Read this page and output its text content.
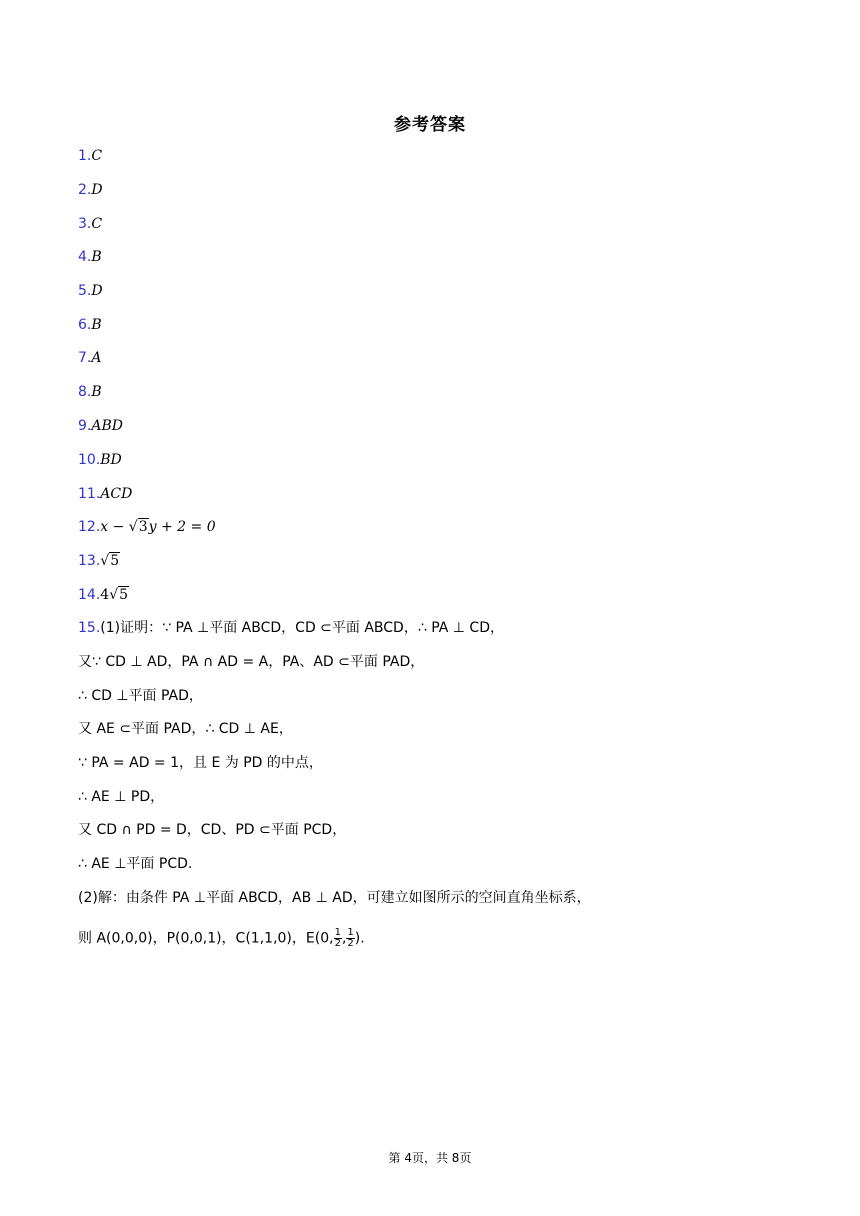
参考答案
1.C
2.D
3.C
4.B
5.D
6.B
7.A
8.B
9.ABD
10.BD
11.ACD
12.x − √3y + 2 = 0
13.√5
14.4√5
15.(1)证明：∵ PA ⊥平面 ABCD，CD ⊂平面 ABCD，∴ PA ⊥ CD，
又∵ CD ⊥ AD，PA ∩ AD = A，PA、AD ⊂平面 PAD，
∴ CD ⊥平面 PAD，
又 AE ⊂平面 PAD，∴ CD ⊥ AE，
∵ PA = AD = 1，且 E 为 PD 的中点，
∴ AE ⊥ PD，
又 CD ∩ PD = D，CD、PD ⊂平面 PCD，
∴ AE ⊥平面 PCD.
(2)解：由条件 PA ⊥平面 ABCD，AB ⊥ AD，可建立如图所示的空间直角坐标系，
则 A(0,0,0)，P(0,0,1)，C(1,1,0)，E(0, $\frac{1}{2}$ , $\frac{1}{2}$ ).
第 4页，共 8页
